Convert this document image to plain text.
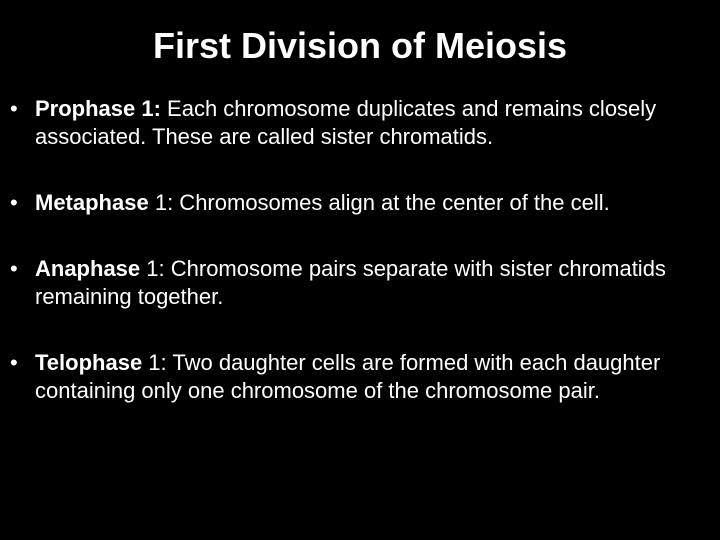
First Division of Meiosis
• Prophase 1: Each chromosome duplicates and remains closely associated. These are called sister chromatids.
• Metaphase 1: Chromosomes align at the center of the cell.
• Anaphase 1: Chromosome pairs separate with sister chromatids remaining together.
• Telophase 1: Two daughter cells are formed with each daughter containing only one chromosome of the chromosome pair.
